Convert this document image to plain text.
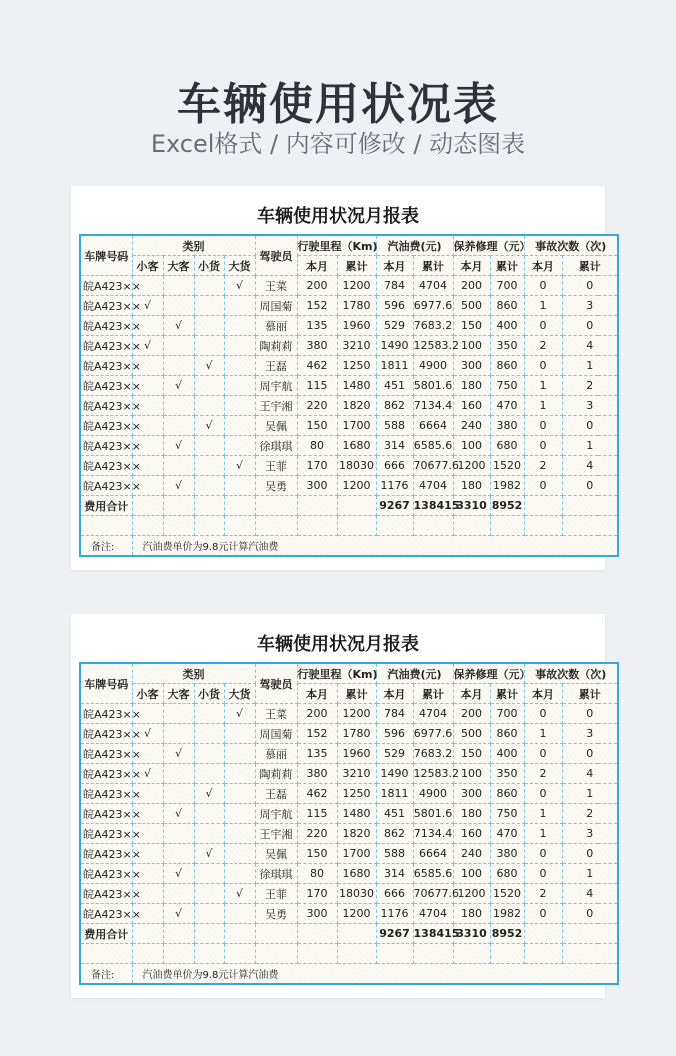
车辆使用状况表
Excel格式 / 内容可修改 / 动态图表
车辆使用状况月报表
车牌号码	类别				驾驶员	行驶里程（Km)		汽油费(元)		保养修理（元）		事故次数（次)	
	小客	大客	小货	大货		本月	累计	本月	累计	本月	累计	本月	累计
皖A423××				√	王菜	200	1200	784	4704	200	700	0	0
皖A423××	√				周国菊	152	1780	596	6977.6	500	860	1	3
皖A423××		√			慕丽	135	1960	529	7683.2	150	400	0	0
皖A423××	√				陶莉莉	380	3210	1490	12583.2	100	350	2	4
皖A423××			√		王磊	462	1250	1811	4900	300	860	0	1
皖A423××		√			周宇航	115	1480	451	5801.6	180	750	1	2
皖A423××					王宇湘	220	1820	862	7134.4	160	470	1	3
皖A423××			√		吴佩	150	1700	588	6664	240	380	0	0
皖A423××		√			徐琪琪	80	1680	314	6585.6	100	680	0	1
皖A423××				√	王菲	170	18030	666	70677.6	1200	1520	2	4
皖A423××		√			吴勇	300	1200	1176	4704	180	1982	0	0
费用合计								9267	138415	3310	8952		

备注:	汽油费单价为9.8元计算汽油费												
车辆使用状况月报表
车牌号码	类别				驾驶员	行驶里程（Km)		汽油费(元)		保养修理（元）		事故次数（次)	
	小客	大客	小货	大货		本月	累计	本月	累计	本月	累计	本月	累计
皖A423××				√	王菜	200	1200	784	4704	200	700	0	0
皖A423××	√				周国菊	152	1780	596	6977.6	500	860	1	3
皖A423××		√			慕丽	135	1960	529	7683.2	150	400	0	0
皖A423××	√				陶莉莉	380	3210	1490	12583.2	100	350	2	4
皖A423××			√		王磊	462	1250	1811	4900	300	860	0	1
皖A423××		√			周宇航	115	1480	451	5801.6	180	750	1	2
皖A423××					王宇湘	220	1820	862	7134.4	160	470	1	3
皖A423××			√		吴佩	150	1700	588	6664	240	380	0	0
皖A423××		√			徐琪琪	80	1680	314	6585.6	100	680	0	1
皖A423××				√	王菲	170	18030	666	70677.6	1200	1520	2	4
皖A423××		√			吴勇	300	1200	1176	4704	180	1982	0	0
费用合计								9267	138415	3310	8952		

备注:	汽油费单价为9.8元计算汽油费												
